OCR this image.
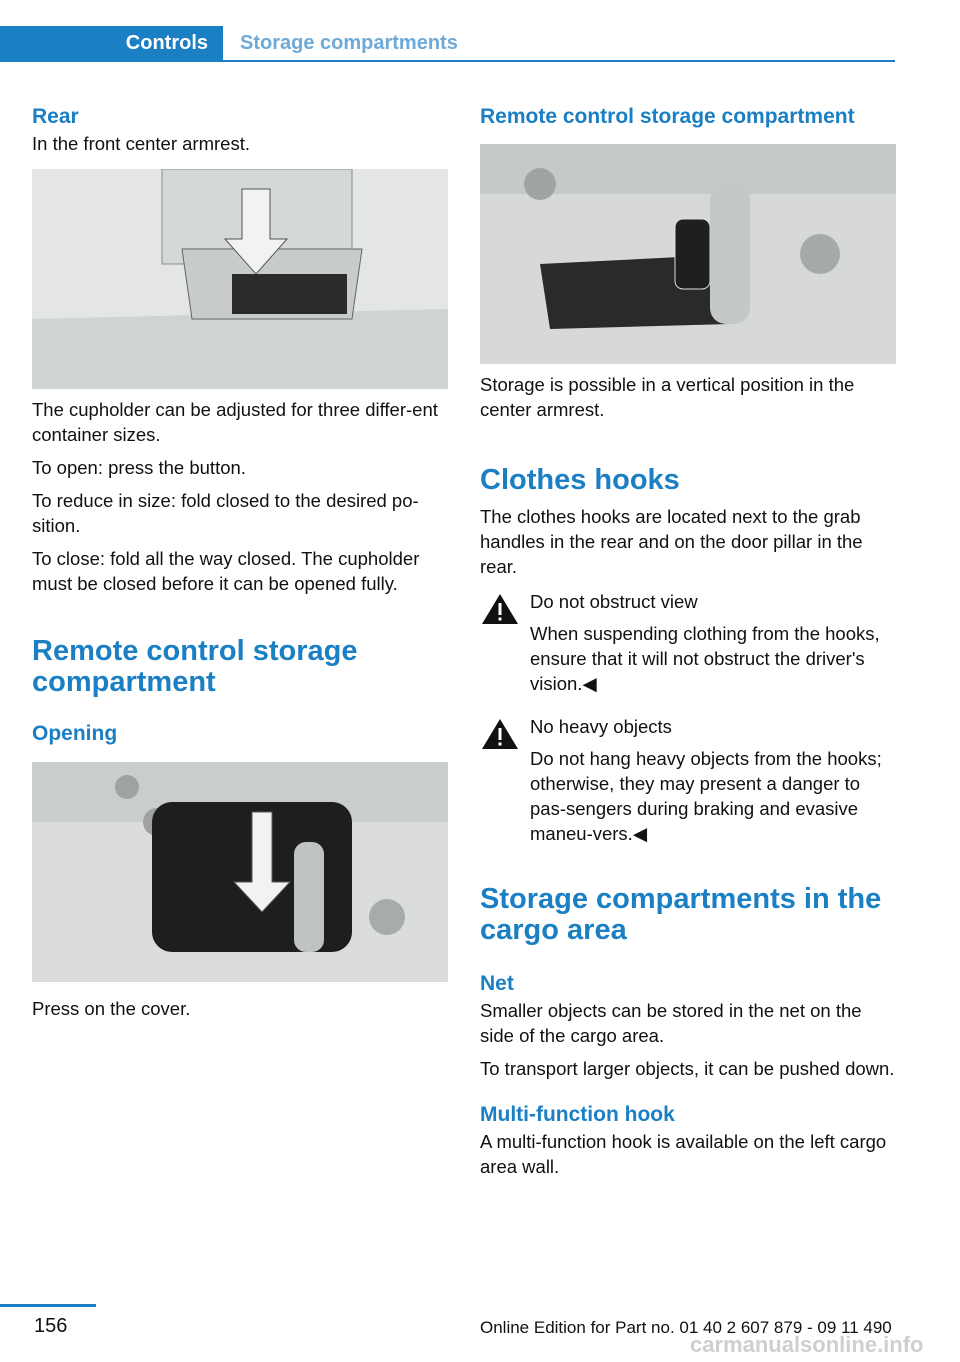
Controls	Storage compartments

Rear

In the front center armrest.

The cupholder can be adjusted for three differ-ent container sizes.

To open: press the button.

To reduce in size: fold closed to the desired po-sition.

To close: fold all the way closed. The cupholder must be closed before it can be opened fully.

Remote control storage compartment

Opening

Press on the cover.

Remote control storage compartment

Storage is possible in a vertical position in the center armrest.

Clothes hooks

The clothes hooks are located next to the grab handles in the rear and on the door pillar in the rear.

Do not obstruct view

When suspending clothing from the hooks, ensure that it will not obstruct the driver's vision.◀

No heavy objects

Do not hang heavy objects from the hooks; otherwise, they may present a danger to pas-sengers during braking and evasive maneu-vers.◀

Storage compartments in the cargo area

Net

Smaller objects can be stored in the net on the side of the cargo area.

To transport larger objects, it can be pushed down.

Multi-function hook

A multi-function hook is available on the left cargo area wall.

156	Online Edition for Part no. 01 40 2 607 879 - 09 11 490
carmanualsonline.info
